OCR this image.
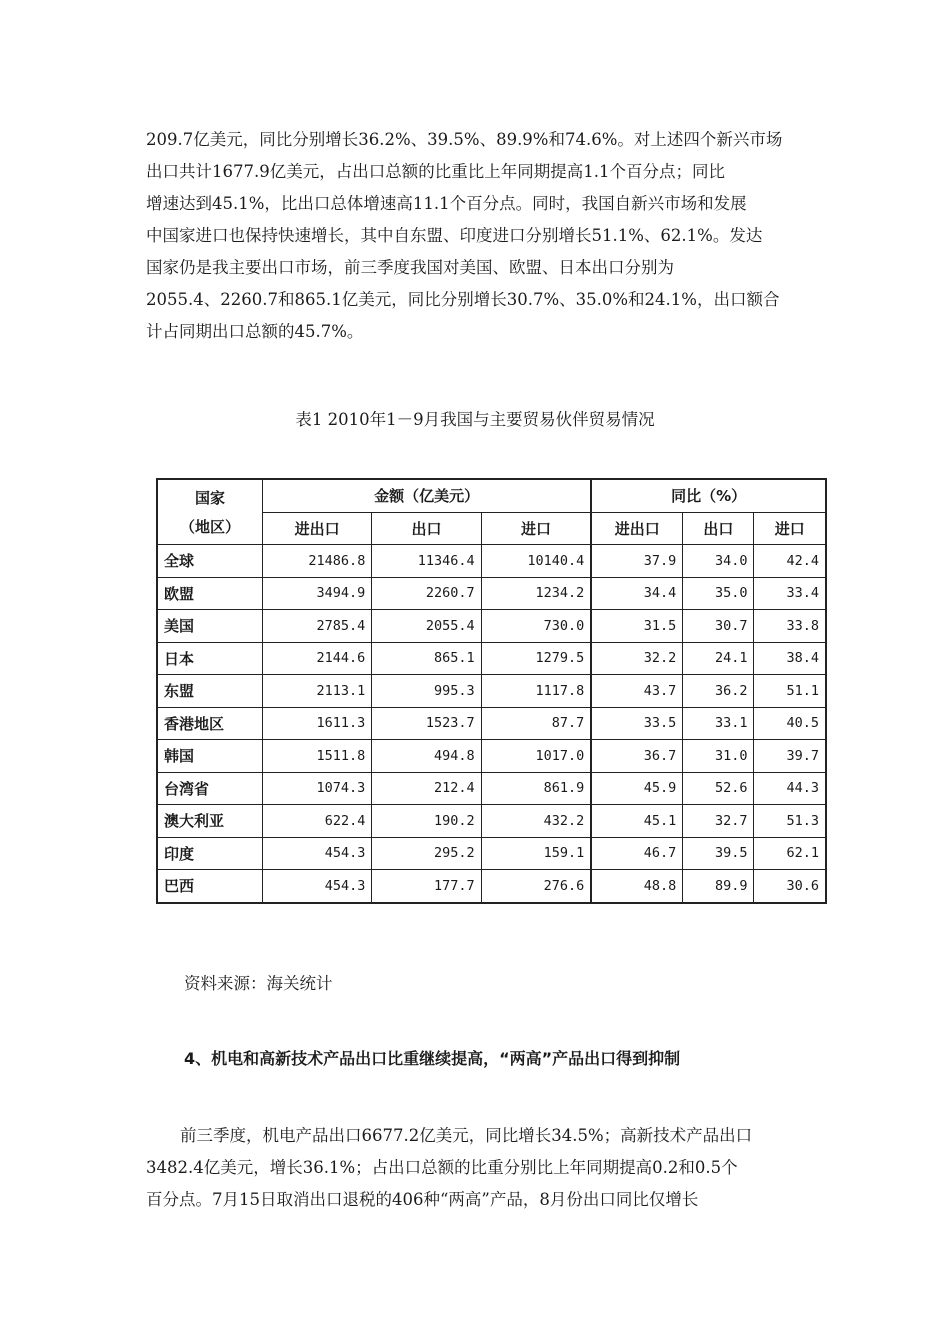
209.7亿美元，同比分别增长36.2%、39.5%、89.9%和74.6%。对上述四个新兴市场
出口共计1677.9亿美元，占出口总额的比重比上年同期提高1.1个百分点；同比
增速达到45.1%，比出口总体增速高11.1个百分点。同时，我国自新兴市场和发展
中国家进口也保持快速增长，其中自东盟、印度进口分别增长51.1%、62.1%。发达
国家仍是我主要出口市场，前三季度我国对美国、欧盟、日本出口分别为
2055.4、2260.7和865.1亿美元，同比分别增长30.7%、35.0%和24.1%，出口额合
计占同期出口总额的45.7%。
表1 2010年1－9月我国与主要贸易伙伴贸易情况
国家
（地区）	金额（亿美元）			同比（%）		
	进出口	出口	进口	进出口	出口	进口
全球	21486.8	11346.4	10140.4	37.9	34.0	42.4
欧盟	3494.9	2260.7	1234.2	34.4	35.0	33.4
美国	2785.4	2055.4	730.0	31.5	30.7	33.8
日本	2144.6	865.1	1279.5	32.2	24.1	38.4
东盟	2113.1	995.3	1117.8	43.7	36.2	51.1
香港地区	1611.3	1523.7	87.7	33.5	33.1	40.5
韩国	1511.8	494.8	1017.0	36.7	31.0	39.7
台湾省	1074.3	212.4	861.9	45.9	52.6	44.3
澳大利亚	622.4	190.2	432.2	45.1	32.7	51.3
印度	454.3	295.2	159.1	46.7	39.5	62.1
巴西	454.3	177.7	276.6	48.8	89.9	30.6
资料来源：海关统计
4、机电和高新技术产品出口比重继续提高，“两高”产品出口得到抑制
前三季度，机电产品出口6677.2亿美元，同比增长34.5%；高新技术产品出口
3482.4亿美元，增长36.1%；占出口总额的比重分别比上年同期提高0.2和0.5个
百分点。7月15日取消出口退税的406种“两高”产品，8月份出口同比仅增长
